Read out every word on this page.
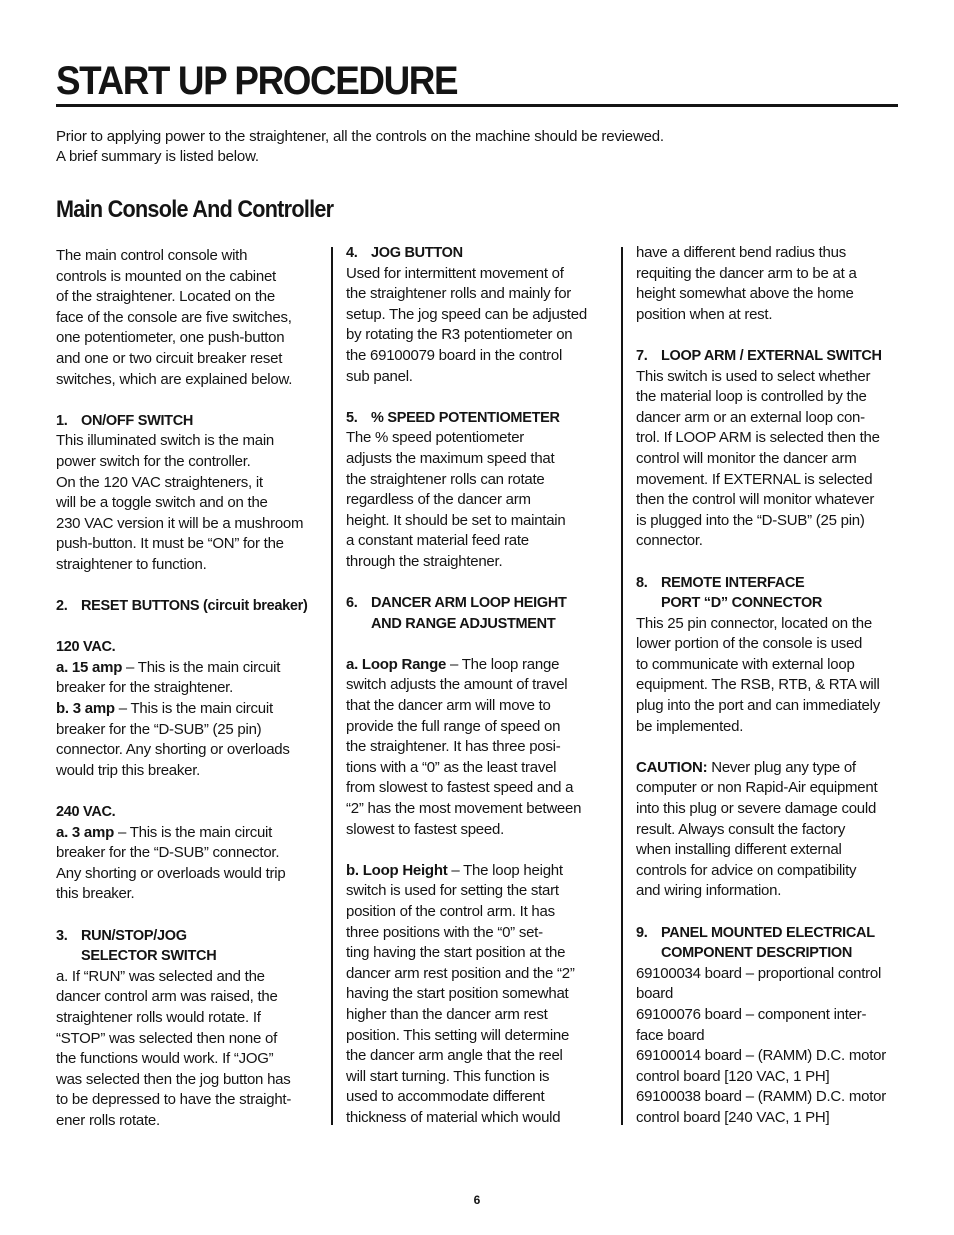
START UP PROCEDURE

Prior to applying power to the straightener, all the controls on the machine should be reviewed.

A brief summary is listed below.

Main Console And Controller
The main control console with
controls is mounted on the cabinet
of the straightener. Located on the
face of the console are five switches,
one potentiometer, one push-button
and one or two circuit breaker reset
switches, which are explained below.
1. ON/OFF SWITCH
This illuminated switch is the main
power switch for the controller.
On the 120 VAC straighteners, it
will be a toggle switch and on the
230 VAC version it will be a mushroom
push-button. It must be “ON” for the
straightener to function.
2. RESET BUTTONS (circuit breaker)
120 VAC.
a. 15 amp – This is the main circuit
breaker for the straightener.
b. 3 amp – This is the main circuit
breaker for the “D-SUB” (25 pin)
connector. Any shorting or overloads
would trip this breaker.
240 VAC.
a. 3 amp – This is the main circuit
breaker for the “D-SUB” connector.
Any shorting or overloads would trip
this breaker.
3. RUN/STOP/JOG
SELECTOR SWITCH
a. If “RUN” was selected and the
dancer control arm was raised, the
straightener rolls would rotate. If
“STOP” was selected then none of
the functions would work. If “JOG”
was selected then the jog button has
to be depressed to have the straight-
ener rolls rotate.
4. JOG BUTTON
Used for intermittent movement of
the straightener rolls and mainly for
setup. The jog speed can be adjusted
by rotating the R3 potentiometer on
the 69100079 board in the control
sub panel.
5. % SPEED POTENTIOMETER
The % speed potentiometer
adjusts the maximum speed that
the straightener rolls can rotate
regardless of the dancer arm
height. It should be set to maintain
a constant material feed rate
through the straightener.
6. DANCER ARM LOOP HEIGHT
AND RANGE ADJUSTMENT
a. Loop Range – The loop range
switch adjusts the amount of travel
that the dancer arm will move to
provide the full range of speed on
the straightener. It has three posi-
tions with a “0” as the least travel
from slowest to fastest speed and a
“2” has the most movement between
slowest to fastest speed.
b. Loop Height – The loop height
switch is used for setting the start
position of the control arm. It has
three positions with the “0” set-
ting having the start position at the
dancer arm rest position and the “2”
having the start position somewhat
higher than the dancer arm rest
position. This setting will determine
the dancer arm angle that the reel
will start turning. This function is
used to accommodate different
thickness of material which would
have a different bend radius thus
requiting the dancer arm to be at a
height somewhat above the home
position when at rest.
7. LOOP ARM / EXTERNAL SWITCH
This switch is used to select whether
the material loop is controlled by the
dancer arm or an external loop con-
trol. If LOOP ARM is selected then the
control will monitor the dancer arm
movement. If EXTERNAL is selected
then the control will monitor whatever
is plugged into the “D-SUB” (25 pin)
connector.
8. REMOTE INTERFACE
PORT “D” CONNECTOR
This 25 pin connector, located on the
lower portion of the console is used
to communicate with external loop
equipment. The RSB, RTB, & RTA will
plug into the port and can immediately
be implemented.
CAUTION: Never plug any type of
computer or non Rapid-Air equipment
into this plug or severe damage could
result. Always consult the factory
when installing different external
controls for advice on compatibility
and wiring information.
9. PANEL MOUNTED ELECTRICAL
COMPONENT DESCRIPTION
69100034 board – proportional control
board
69100076 board – component inter-
face board
69100014 board – (RAMM) D.C. motor
control board [120 VAC, 1 PH]
69100038 board – (RAMM) D.C. motor
control board [240 VAC, 1 PH]
6
